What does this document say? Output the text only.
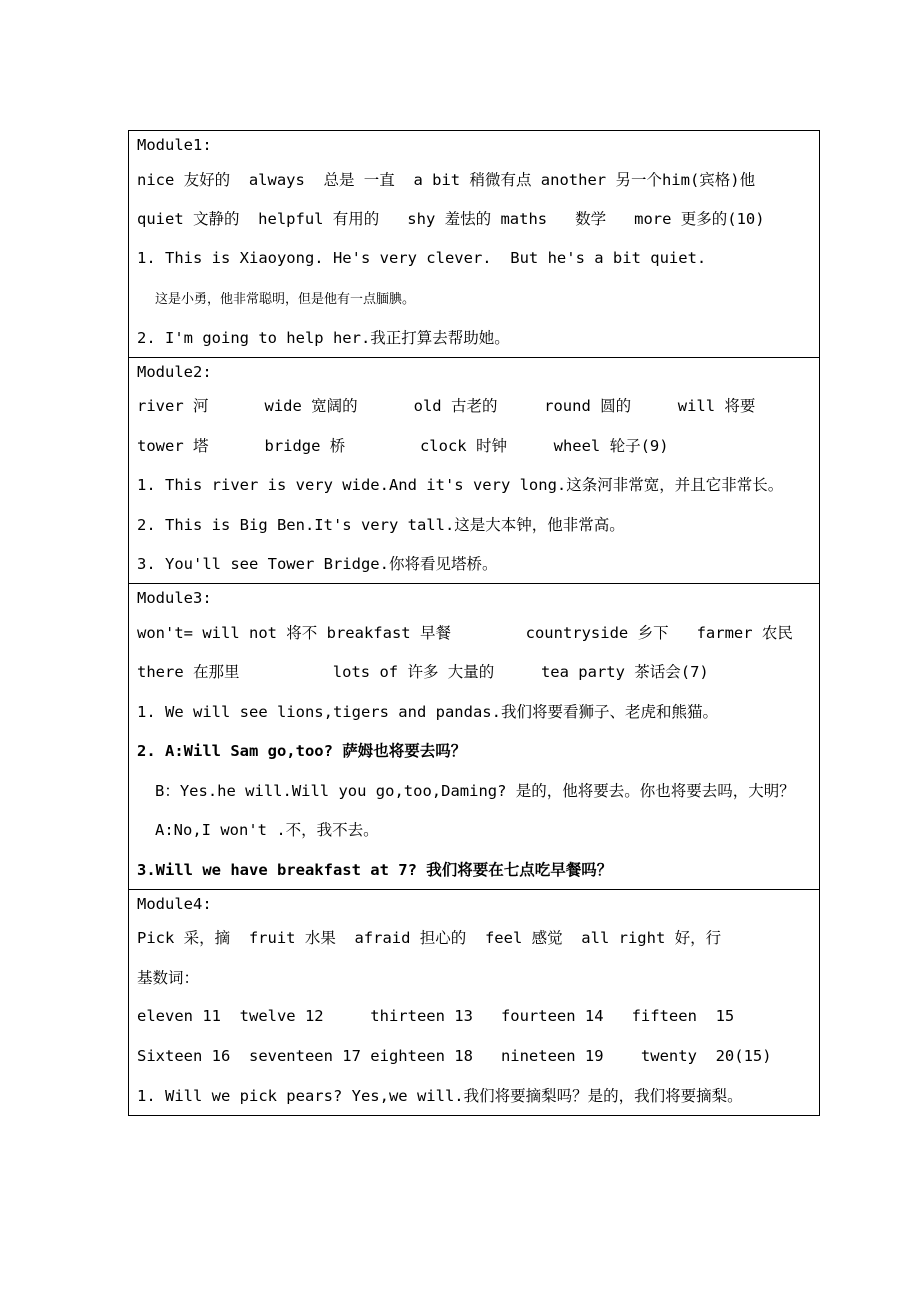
Module1:
nice 友好的  always  总是 一直  a bit 稍微有点 another 另一个him(宾格)他
quiet 文静的  helpful 有用的   shy 羞怯的 maths   数学   more 更多的(10)
1. This is Xiaoyong. He's very clever.  But he's a bit quiet.
这是小勇，他非常聪明，但是他有一点腼腆。
2. I'm going to help her.我正打算去帮助她。

Module2:
river 河      wide 宽阔的      old 古老的     round 圆的     will 将要
tower 塔      bridge 桥        clock 时钟     wheel 轮子(9)
1. This river is very wide.And it's very long.这条河非常宽，并且它非常长。
2. This is Big Ben.It's very tall.这是大本钟，他非常高。
3. You'll see Tower Bridge.你将看见塔桥。

Module3:
won't= will not 将不 breakfast 早餐        countryside 乡下   farmer 农民
there 在那里          lots of 许多 大量的     tea party 茶话会(7)
1. We will see lions,tigers and pandas.我们将要看狮子、老虎和熊猫。
2. A:Will Sam go,too? 萨姆也将要去吗？
B：Yes.he will.Will you go,too,Daming? 是的，他将要去。你也将要去吗，大明？
A:No,I won't .不，我不去。
3.Will we have breakfast at 7? 我们将要在七点吃早餐吗？

Module4:
Pick 采，摘  fruit 水果  afraid 担心的  feel 感觉  all right 好，行
基数词：
eleven 11  twelve 12     thirteen 13   fourteen 14   fifteen  15
Sixteen 16  seventeen 17 eighteen 18   nineteen 19    twenty  20(15)
1. Will we pick pears? Yes,we will.我们将要摘梨吗？是的，我们将要摘梨。
